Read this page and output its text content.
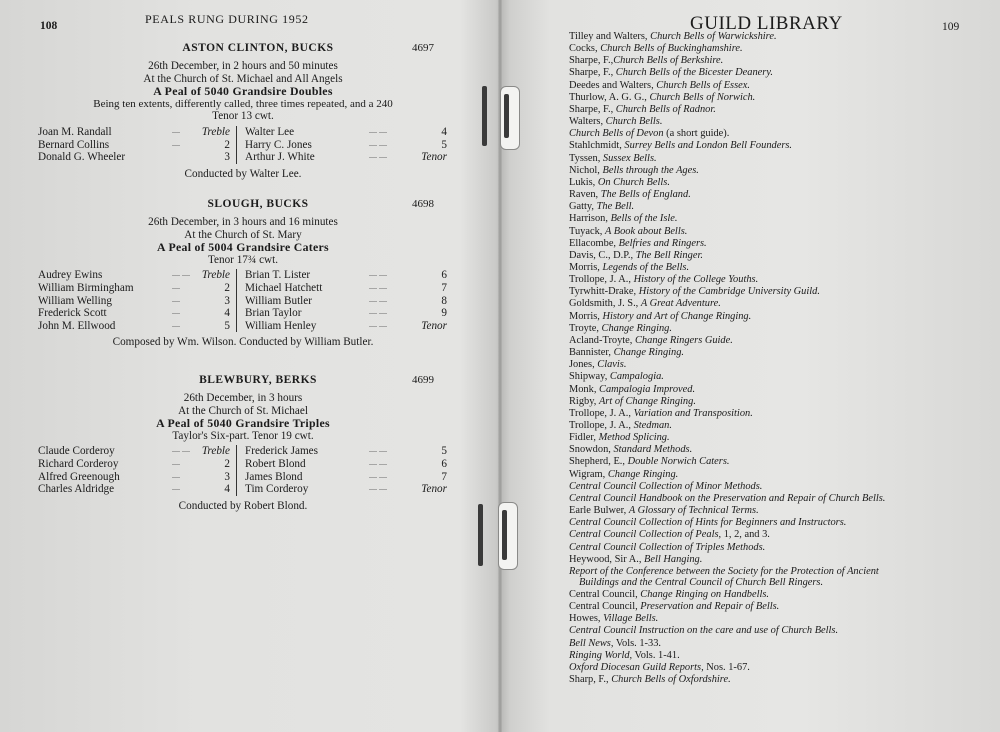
108	PEALS RUNG DURING 1952
ASTON CLINTON, BUCKS	4697
26th December, in 2 hours and 50 minutes
At the Church of St. Michael and All Angels
A Peal of 5040 Grandsire Doubles
Being ten extents, differently called, three times repeated, and a 240
Tenor 13 cwt.
Joan M. Randall	.... Treble
Bernard Collins	....	2
Donald G. Wheeler	3
Walter Lee	.... ....	4
Harry C. Jones	.... ....	5
Arthur J. White	.... ....	Tenor
Conducted by Walter Lee.
SLOUGH, BUCKS	4698
26th December, in 3 hours and 16 minutes
At the Church of St. Mary
A Peal of 5004 Grandsire Caters
Tenor 17¾ cwt.
Audrey Ewins	.... .... Treble
William Birmingham	....	2
William Welling	....	3
Frederick Scott	....	4
John M. Ellwood	....	5
Brian T. Lister	.... ....	6
Michael Hatchett	.... ....	7
William Butler	.... ....	8
Brian Taylor	.... ....	9
William Henley	.... ....	Tenor
Composed by Wm. Wilson. Conducted by William Butler.
BLEWBURY, BERKS	4699
26th December, in 3 hours
At the Church of St. Michael
A Peal of 5040 Grandsire Triples
Taylor's Six-part. Tenor 19 cwt.
Claude Corderoy	.... .... Treble
Richard Corderoy	....	2
Alfred Greenough	....	3
Charles Aldridge	....	4
Frederick James	.... ....	5
Robert Blond	.... ....	6
James Blond	.... ....	7
Tim Corderoy	.... ....	Tenor
Conducted by Robert Blond.
109
GUILD LIBRARY
Tilley and Walters, Church Bells of Warwickshire.
Cocks, Church Bells of Buckinghamshire.
Sharpe, F.,Church Bells of Berkshire.
Sharpe, F., Church Bells of the Bicester Deanery.
Deedes and Walters, Church Bells of Essex.
Thurlow, A. G. G., Church Bells of Norwich.
Sharpe, F., Church Bells of Radnor.
Walters, Church Bells.
Church Bells of Devon (a short guide).
Stahlchmidt, Surrey Bells and London Bell Founders.
Tyssen, Sussex Bells.
Nichol, Bells through the Ages.
Lukis, On Church Bells.
Raven, The Bells of England.
Gatty, The Bell.
Harrison, Bells of the Isle.
Tuyack, A Book about Bells.
Ellacombe, Belfries and Ringers.
Davis, C., D.P., The Bell Ringer.
Morris, Legends of the Bells.
Trollope, J. A., History of the College Youths.
Tyrwhitt-Drake, History of the Cambridge University Guild.
Goldsmith, J. S., A Great Adventure.
Morris, History and Art of Change Ringing.
Troyte, Change Ringing.
Acland-Troyte, Change Ringers Guide.
Bannister, Change Ringing.
Jones, Clavis.
Shipway, Campalogia.
Monk, Campalogia Improved.
Rigby, Art of Change Ringing.
Trollope, J. A., Variation and Transposition.
Trollope, J. A., Stedman.
Fidler, Method Splicing.
Snowdon, Standard Methods.
Shepherd, E., Double Norwich Caters.
Wigram, Change Ringing.
Central Council Collection of Minor Methods.
Central Council Handbook on the Preservation and Repair of Church Bells.
Earle Bulwer, A Glossary of Technical Terms.
Central Council Collection of Hints for Beginners and Instructors.
Central Council Collection of Peals, 1, 2, and 3.
Central Council Collection of Triples Methods.
Heywood, Sir A., Bell Hanging.
Report of the Conference between the Society for the Protection of Ancient
Buildings and the Central Council of Church Bell Ringers.
Central Council, Change Ringing on Handbells.
Central Council, Preservation and Repair of Bells.
Howes, Village Bells.
Central Council Instruction on the care and use of Church Bells.
Bell News, Vols. 1-33.
Ringing World, Vols. 1-41.
Oxford Diocesan Guild Reports, Nos. 1-67.
Sharp, F., Church Bells of Oxfordshire.
